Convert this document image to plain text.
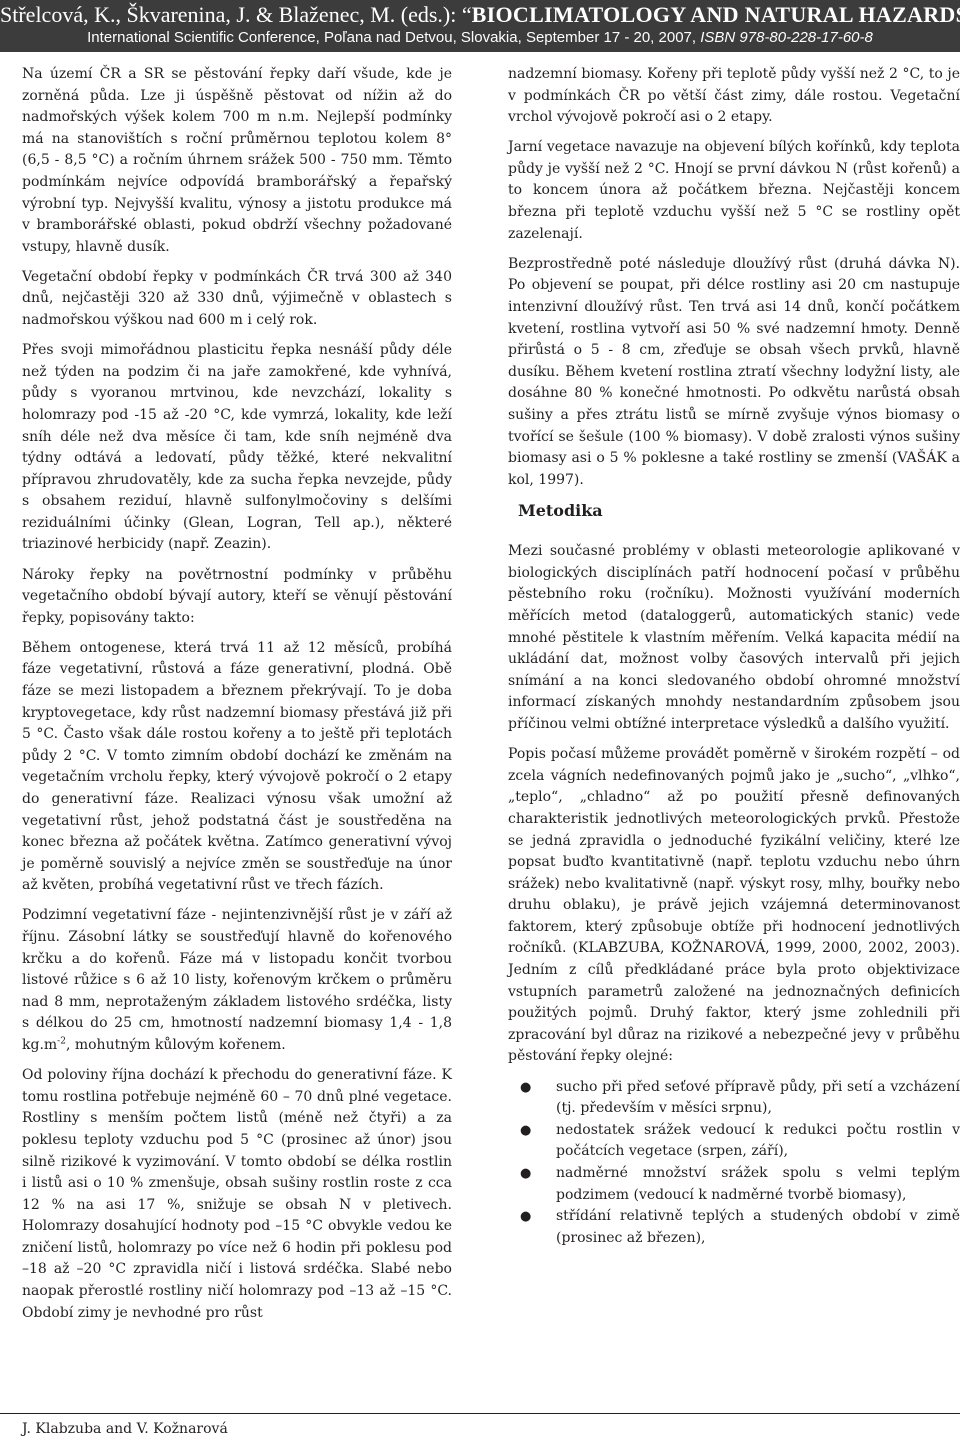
Střelcová, K., Škvarenina, J. & Blaženec, M. (eds.): “BIOCLIMATOLOGY AND NATURAL HAZARDS”
International Scientific Conference, Poľana nad Detvou, Slovakia, September 17 - 20, 2007, ISBN 978-80-228-17-60-8

Na území ČR a SR se pěstování řepky daří všude, kde je zorněná půda. Lze ji úspěšně pěstovat od nížin až do nadmořských výšek kolem 700 m n.m. Nejlepší podmínky má na stanovištích s roční průměrnou teplotou kolem 8° (6,5 - 8,5 °C) a ročním úhrnem srážek 500 - 750 mm. Těmto podmínkám nejvíce odpovídá bramborářský a řepařský výrobní typ. Nejvyšší kvalitu, výnosy a jistotu produkce má v bramborářské oblasti, pokud obdrží všechny požadované vstupy, hlavně dusík.

Vegetační období řepky v podmínkách ČR trvá 300 až 340 dnů, nejčastěji 320 až 330 dnů, výjimečně v oblastech s nadmořskou výškou nad 600 m i celý rok.

Přes svoji mimořádnou plasticitu řepka nesnáší půdy déle než týden na podzim či na jaře zamokřené, kde vyhnívá, půdy s vyoranou mrtvinou, kde nevzchází, lokality s holomrazy pod -15 až -20 °C, kde vymrzá, lokality, kde leží sníh déle než dva měsíce či tam, kde sníh nejméně dva týdny odtává a ledovatí, půdy těžké, které nekvalitní přípravou zhrudovatěly, kde za sucha řepka nevzejde, půdy s obsahem reziduí, hlavně sulfonylmočoviny s delšími reziduálními účinky (Glean, Logran, Tell ap.), některé triazinové herbicidy (např. Zeazin).

Nároky řepky na povětrnostní podmínky v průběhu vegetačního období bývají autory, kteří se věnují pěstování řepky, popisovány takto:

Během ontogenese, která trvá 11 až 12 měsíců, probíhá fáze vegetativní, růstová a fáze generativní, plodná. Obě fáze se mezi listopadem a březnem překrývají. To je doba kryptovegetace, kdy růst nadzemní biomasy přestává již při 5 °C. Často však dále rostou kořeny a to ještě při teplotách půdy 2 °C. V tomto zimním období dochází ke změnám na vegetačním vrcholu řepky, který vývojově pokročí o 2 etapy do generativní fáze. Realizaci výnosu však umožní až vegetativní růst, jehož podstatná část je soustředěna na konec března až počátek května. Zatímco generativní vývoj je poměrně souvislý a nejvíce změn se soustřeďuje na únor až květen, probíhá vegetativní růst ve třech fázích.

Podzimní vegetativní fáze - nejintenzivnější růst je v září až říjnu. Zásobní látky se soustřeďují hlavně do kořenového krčku a do kořenů. Fáze má v listopadu končit tvorbou listové růžice s 6 až 10 listy, kořenovým krčkem o průměru nad 8 mm, neprotaženým základem listového srdéčka, listy s délkou do 25 cm, hmotností nadzemní biomasy 1,4 - 1,8 $kg.m^{-2}$, mohutným kůlovým kořenem.

Od poloviny října dochází k přechodu do generativní fáze. K tomu rostlina potřebuje nejméně 60 – 70 dnů plné vegetace. Rostliny s menším počtem listů (méně než čtyři) a za poklesu teploty vzduchu pod 5 °C (prosinec až únor) jsou silně rizikové k vyzimování. V tomto období se délka rostlin i listů asi o 10 % zmenšuje, obsah sušiny rostlin roste z cca 12 % na asi 17 %, snižuje se obsah N v pletivech. Holomrazy dosahující hodnoty pod –15 °C obvykle vedou ke zničení listů, holomrazy po více než 6 hodin při poklesu pod –18 až –20 °C zpravidla ničí i listová srdéčka. Slabé nebo naopak přerostlé rostliny ničí holomrazy pod –13 až –15 °C. Období zimy je nevhodné pro růst

nadzemní biomasy. Kořeny při teplotě půdy vyšší než 2 °C, to je v podmínkách ČR po větší část zimy, dále rostou. Vegetační vrchol vývojově pokročí asi o 2 etapy.

Jarní vegetace navazuje na objevení bílých kořínků, kdy teplota půdy je vyšší než 2 °C. Hnojí se první dávkou N (růst kořenů) a to koncem února až počátkem března. Nejčastěji koncem března při teplotě vzduchu vyšší než 5 °C se rostliny opět zazelenají.

Bezprostředně poté následuje dloužívý růst (druhá dávka N). Po objevení se poupat, při délce rostliny asi 20 cm nastupuje intenzivní dloužívý růst. Ten trvá asi 14 dnů, končí počátkem kvetení, rostlina vytvoří asi 50 % své nadzemní hmoty. Denně přirůstá o 5 - 8 cm, zřeďuje se obsah všech prvků, hlavně dusíku. Během kvetení rostlina ztratí všechny lodyžní listy, ale dosáhne 80 % konečné hmotnosti. Po odkvětu narůstá obsah sušiny a přes ztrátu listů se mírně zvyšuje výnos biomasy o tvořící se šešule (100 % biomasy). V době zralosti výnos sušiny biomasy asi o 5 % poklesne a také rostliny se zmenší (VAŠÁK a kol, 1997).

Metodika

Mezi současné problémy v oblasti meteorologie aplikované v biologických disciplínách patří hodnocení počasí v průběhu pěstebního roku (ročníku). Možnosti využívání moderních měřících metod (dataloggerů, automatických stanic) vede mnohé pěstitele k vlastním měřením. Velká kapacita médií na ukládání dat, možnost volby časových intervalů při jejich snímání a na konci sledovaného období ohromné množství informací získaných mnohdy nestandardním způsobem jsou příčinou velmi obtížné interpretace výsledků a dalšího využití.

Popis počasí můžeme provádět poměrně v širokém rozpětí – od zcela vágních nedefinovaných pojmů jako je „sucho“, „vlhko“, „teplo“, „chladno“ až po použití přesně definovaných charakteristik jednotlivých meteorologických prvků. Přestože se jedná zpravidla o jednoduché fyzikální veličiny, které lze popsat buďto kvantitativně (např. teplotu vzduchu nebo úhrn srážek) nebo kvalitativně (např. výskyt rosy, mlhy, bouřky nebo druhu oblaku), je právě jejich vzájemná determinovanost faktorem, který způsobuje obtíže při hodnocení jednotlivých ročníků. (KLABZUBA, KOŽNAROVÁ, 1999, 2000, 2002, 2003). Jedním z cílů předkládané práce byla proto objektivizace vstupních parametrů založené na jednoznačných definicích použitých pojmů. Druhý faktor, který jsme zohlednili při zpracování byl důraz na rizikové a nebezpečné jevy v průběhu pěstování řepky olejné:

● sucho při před seťové přípravě půdy, při setí a vzcházení (tj. především v měsíci srpnu),
● nedostatek srážek vedoucí k redukci počtu rostlin v počátcích vegetace (srpen, září),
● nadměrné množství srážek spolu s velmi teplým podzimem (vedoucí k nadměrné tvorbě biomasy),
● střídání relativně teplých a studených období v zimě (prosinec až březen),
J. Klabzuba and V. Kožnarová
